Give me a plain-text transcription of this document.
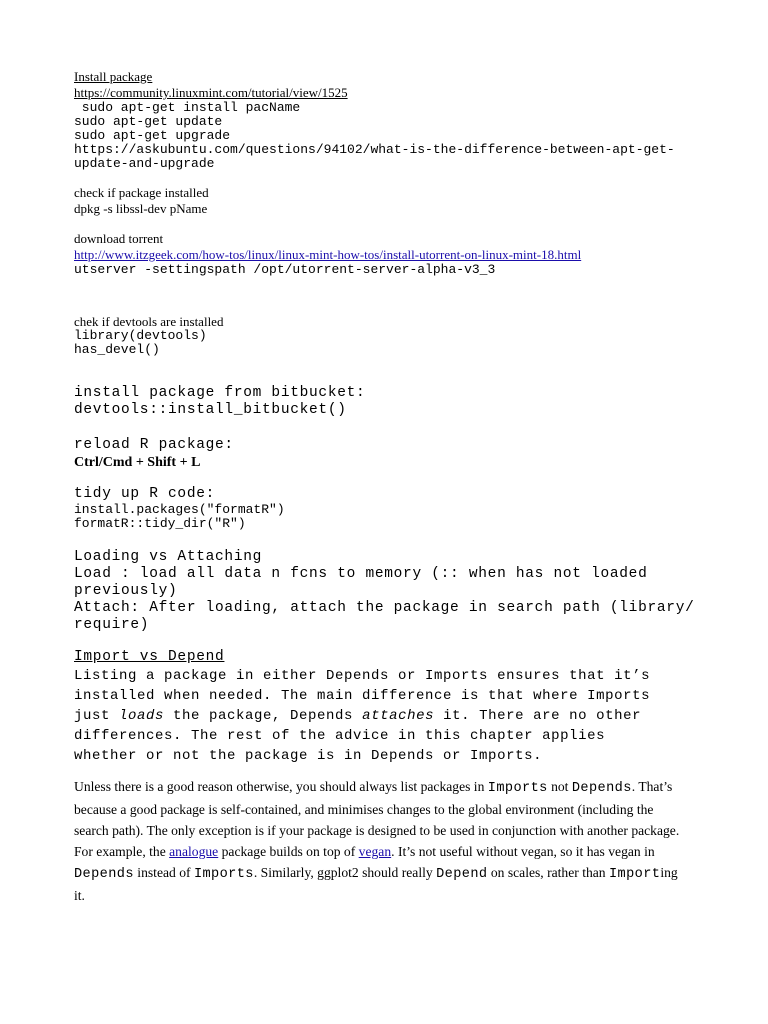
Install package
https://community.linuxmint.com/tutorial/view/1525
sudo apt-get install pacName
sudo apt-get update
sudo apt-get upgrade
https://askubuntu.com/questions/94102/what-is-the-difference-between-apt-get-
update-and-upgrade
check if package installed
dpkg -s libssl-dev pName
download torrent
http://www.itzgeek.com/how-tos/linux/linux-mint-how-tos/install-utorrent-on-linux-mint-18.html
utserver -settingspath /opt/utorrent-server-alpha-v3_3
chek if devtools are installed
library(devtools)
has_devel()
install package from bitbucket:
devtools::install_bitbucket()
reload R package:
Ctrl/Cmd + Shift + L
tidy up R code:
install.packages("formatR")
formatR::tidy_dir("R")
Loading vs Attaching
Load : load all data n fcns to memory (:: when has not loaded
previously)
Attach: After loading, attach the package in search path (library/
require)
Import vs Depend
Listing a package in either Depends or Imports ensures that it’s
installed when needed. The main difference is that where Imports
just loads the package, Depends attaches it. There are no other
differences. The rest of the advice in this chapter applies
whether or not the package is in Depends or Imports.

Unless there is a good reason otherwise, you should always list packages in Imports not Depends. That’s because a good package is self-contained, and minimises changes to the global environment (including the search path). The only exception is if your package is designed to be used in conjunction with another package. For example, the analogue package builds on top of vegan. It’s not useful without vegan, so it has vegan in Depends instead of Imports. Similarly, ggplot2 should really Depend on scales, rather than Importing it.
